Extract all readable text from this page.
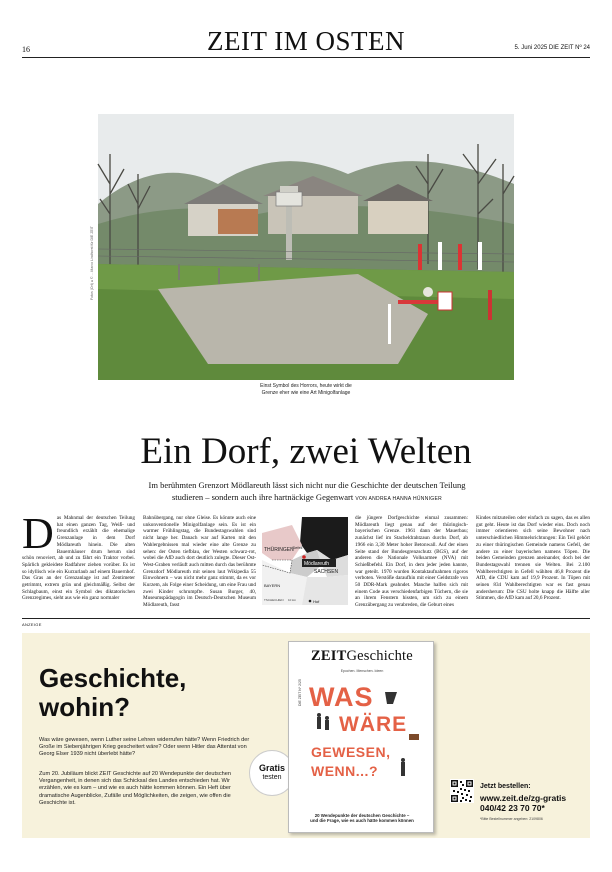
16	ZEIT IM OSTEN	5. Juni 2025 DIE ZEIT Nº 24
Fotos (Ort) ● © ... Marco Lindhorst für DIE ZEIT
Einst Symbol des Horrors, heute wirkt die Grenze eher wie eine Art Minigolfanlage
Ein Dorf, zwei Welten
Im berühmten Grenzort Mödlareuth lässt sich nicht nur die Geschichte der deutschen Teilung studieren – sondern auch ihre hartnäckige Gegenwart VON ANDREA HANNA HÜNNIGER
Das Mahnmal der deutschen Teilung hat einen ganzen Tag, Weiß- und freundlich erzählt die ehemalige Grenzanlage in dem Dorf Mödlareuth hinein. Die alten Bauernhäuser drum herum sind schön renoviert, ab und zu fährt ein Traktor vorbei. Spärlich gekleidete Radfahrer ziehen vorüber. Es ist so idyllisch wie ein Kurzurlaub auf einem Bauernhof. Das Gras an der Grenzanlage ist auf Zentimeter getrimmt, extrem grün und gleichmäßig. Selbst der Schlagbaum, einst ein Symbol des diktatorischen Grenzregimes, sieht aus wie ein ganz normaler
Bahnübergang, nur ohne Gleise. Es könnte auch eine unkonventionelle Minigolfanlage sein. Es ist ein warmer Frühlingstag, die Bundestagswahlen sind nicht lange her. Danach war auf Karten mit den Wahlergebnissen mal wieder eine alte Grenze zu sehen: der Osten tiefblau, der Westen schwarz-rot, wobei die AfD auch dort deutlich zulegte. Dieser Ost-West-Graben verläuft auch mitten durch das berühmte Grenzdorf Mödlareuth mit seinen laut Wikipedia 55 Einwohnern – was nicht mehr ganz stimmt, da es vor Kurzem, als Folge einer Scheidung, um eine Frau und zwei Kinder schrumpfte. Susan Burger, 40, Museumspädagogin im Deutsch-Deutschen Museum Mödlareuth, fasst
Mödlareuth
THÜRINGEN
SACHSEN
BAYERN
Gefell
Hof
TSCHECHIEN 10 km
die jüngere Dorfgeschichte einmal zusammen: Mödlareuth liegt genau auf der thüringisch-bayerischen Grenze. 1961 dann der Mauerbau; zunächst lief im Stacheldrahtzaun durchs Dorf, ab 1966 ein 3,30 Meter hoher Betonwall. Auf der einen Seite stand der Bundesgrenzschutz (BGS), auf der anderen die Nationale Volksarmee (NVA) mit Schießbefehl. Ein Dorf, in dem jeder jeden kannte, war geteilt. 1970 wurden Kontaktaufnahmen rigoros verboten. Verstöße daraufhin mit einer Geldstrafe von 50 DDR-Mark geahndet. Manche halfen sich mit einem Code aus verschiedenfarbigen Tüchern, die sie an ihrem Fenstern hissten, um sich zu einem Grenzübergang zu verabreden, die Geburt eines
Kindes mitzuteilen oder einfach zu sagen, das es allen gut geht. Heute ist das Dorf wieder eins. Doch noch immer orientieren sich seine Bewohner nach unterschiedlichen Himmelsrichtungen: Ein Teil gehört zu einer thüringischen Gemeinde namens Gefell, der andere zu einer bayerischen namens Töpen. Die beiden Gemeinden grenzen aneinander, doch bei der Bundestagswahl trennen sie Welten. Bei 2.100 Wahlberechtigten in Gefell wählten 46,8 Prozent die AfD, die CDU kam auf 19,9 Prozent. In Töpen mit seinen 834 Wahlberechtigten war es fast genau andersherum: Die CSU holte knapp die Hälfte aller Stimmen, die AfD kam auf 20,6 Prozent.
ANZEIGE
Geschichte,
wohin?
Was wäre gewesen, wenn Luther seine Lehren widerrufen hätte? Wenn Friedrich der Große im Siebenjährigen Krieg gescheitert wäre? Oder wenn Hitler das Attentat von Georg Elser 1939 nicht überlebt hätte?
Zum 20. Jubiläum blickt ZEIT Geschichte auf 20 Wendepunkte der deutschen Vergangenheit, in denen sich das Schicksal des Landes entschieden hat. Wir erzählen, wie es kam – und wie es auch hätte kommen können. Ein Heft über dramatische Augenblicke, Zufälle und Möglichkeiten, die zeigen, wie offen die Geschichte ist.
Gratis
testen
ZEITGeschichte
Epochen. Menschen. Ideen
DIE ZEIT Nº 2/25 WAS
WÄRE
GEWESEN,
WENN...?
20 Wendepunkte der deutschen Geschichte –
und die Frage, wie es auch hätte kommen können
Jetzt bestellen:
www.zeit.de/zg-gratis
040/42 23 70 70*
*Bitte Bestellnummer angeben: 2109806
